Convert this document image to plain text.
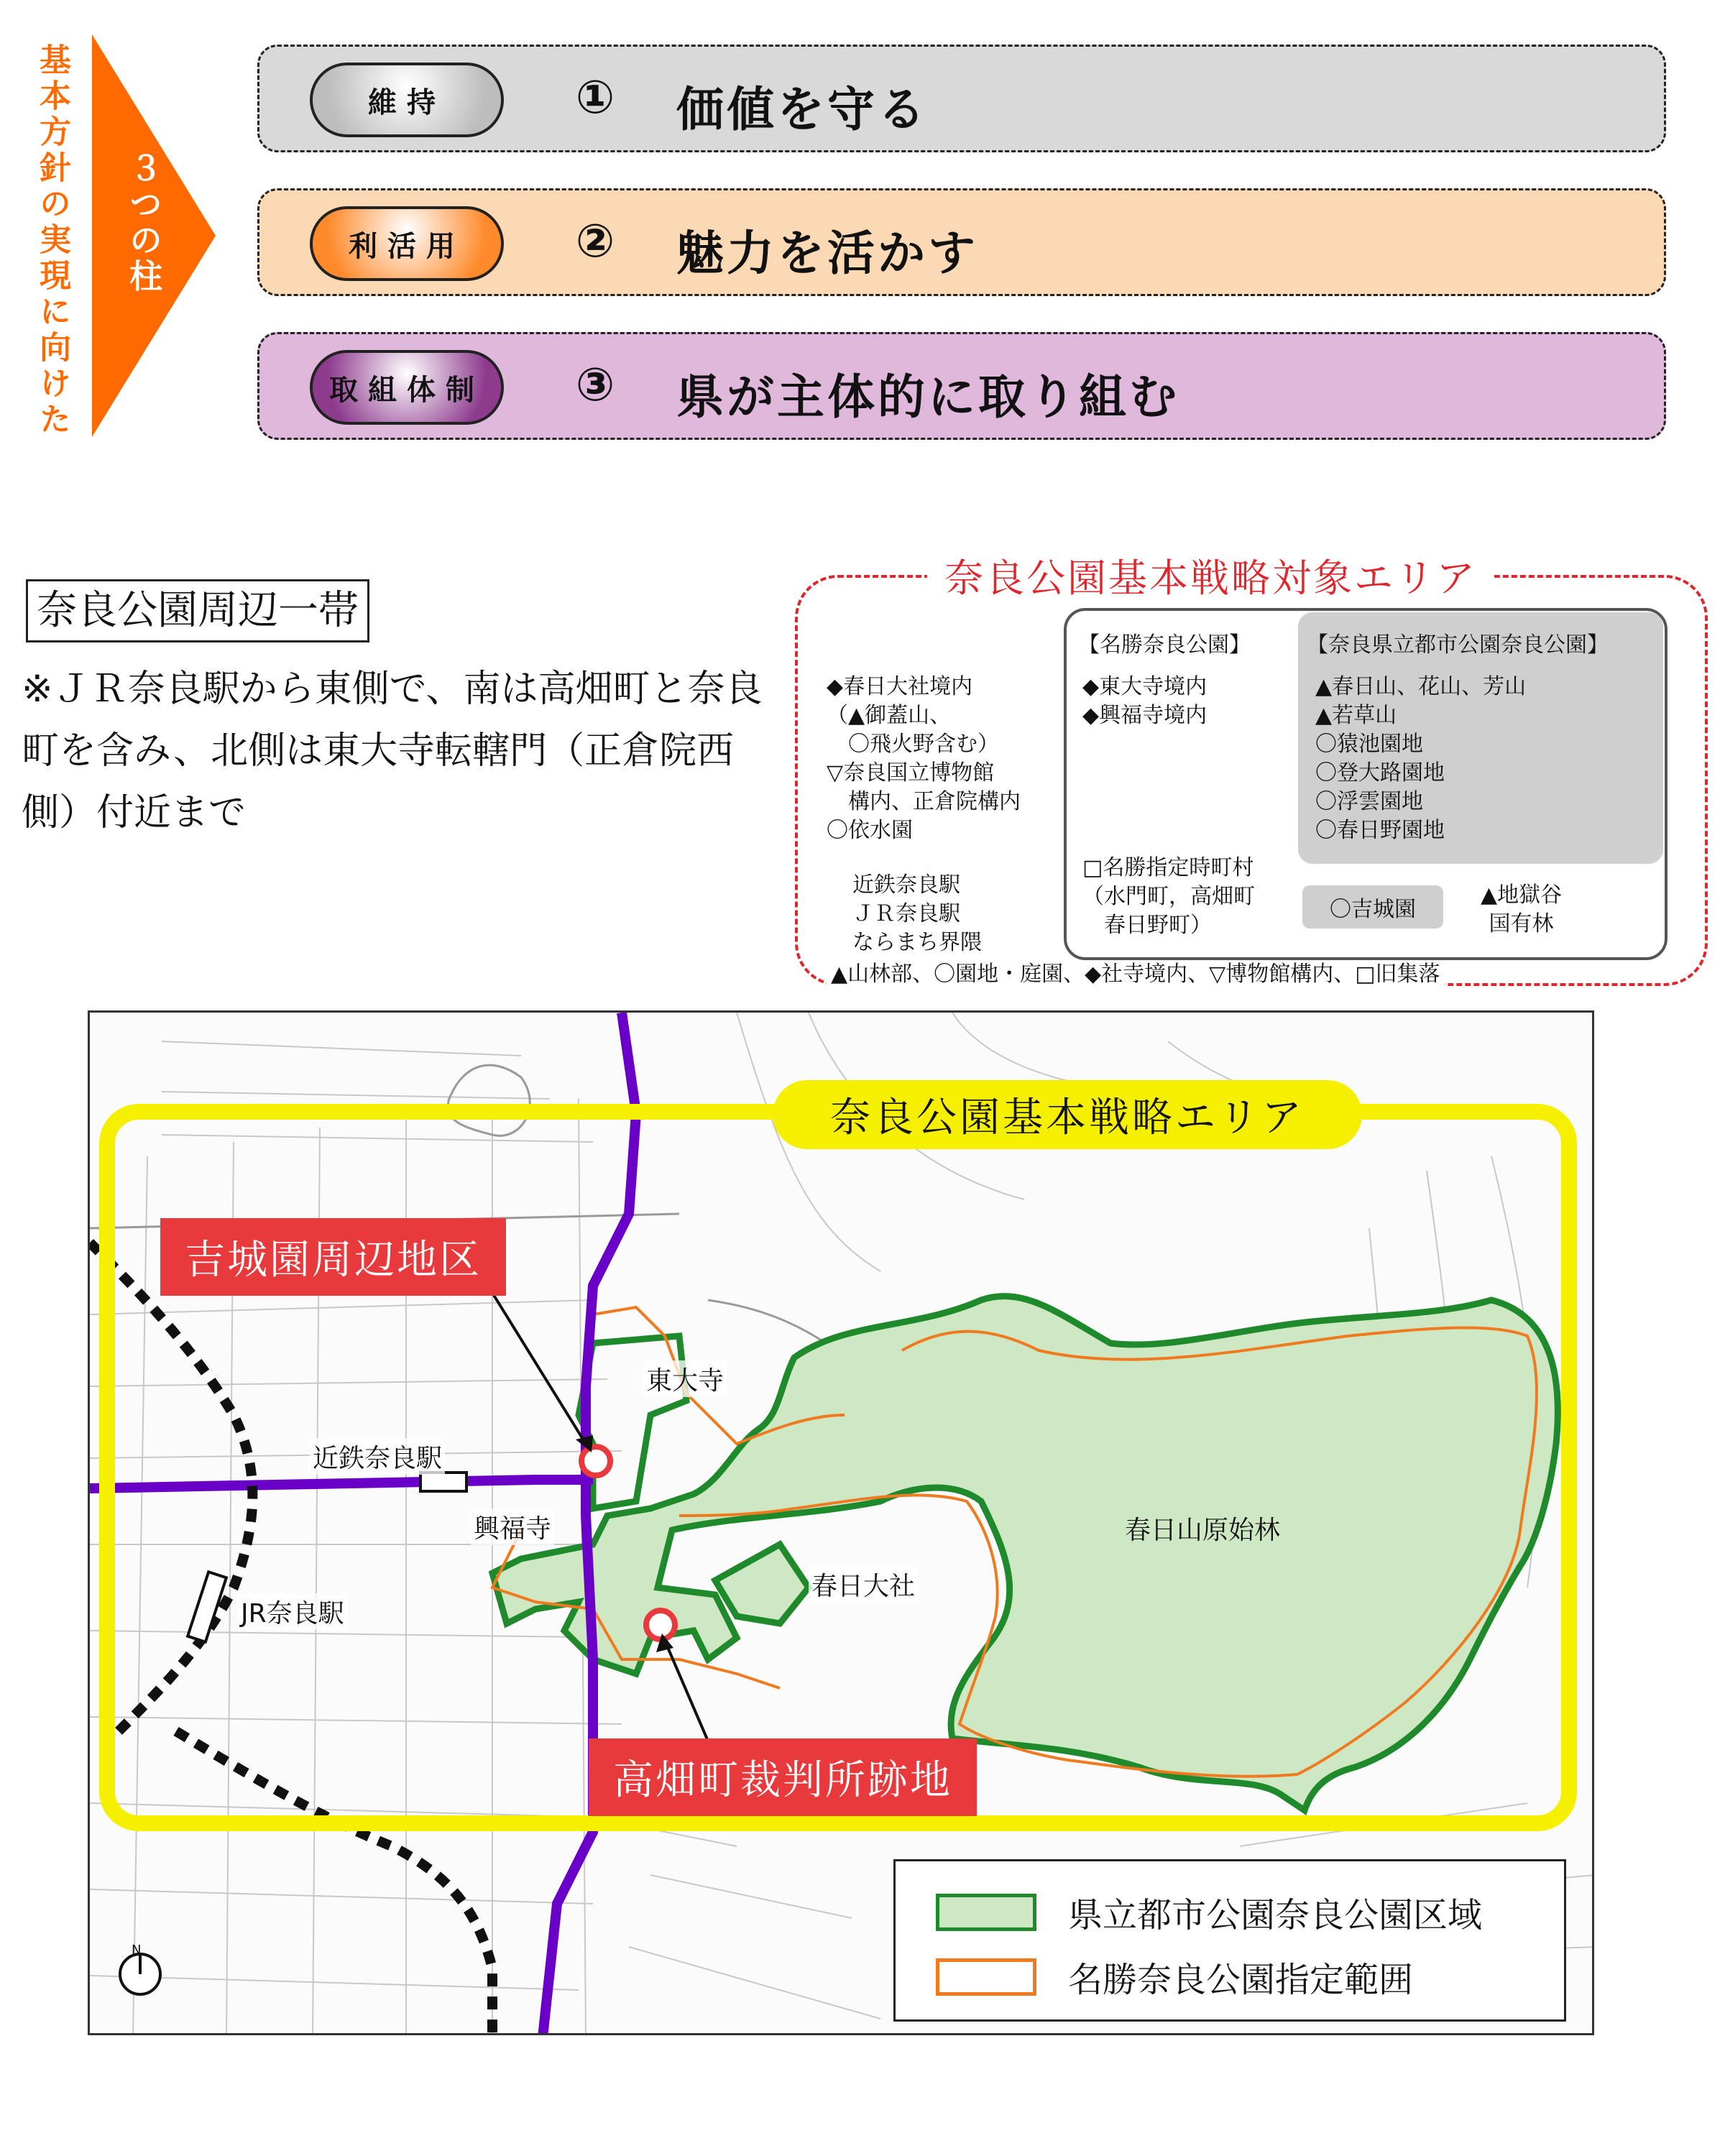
基本方針の実現に向けた ３つの柱
維持	① 価値を守る
利活用	② 魅力を活かす
取組体制	③ 県が主体的に取り組む
奈良公園周辺一帯
※ＪＲ奈良駅から東側で、南は高畑町と奈良町を含み、北側は東大寺転轄門（正倉院西側）付近まで
奈良公園基本戦略対象エリア
◆春日大社境内
（▲御蓋山、
　〇飛火野含む）
▽奈良国立博物館
　構内、正倉院構内
〇依水園
近鉄奈良駅
ＪＲ奈良駅
ならまち界隈
【名勝奈良公園】
◆東大寺境内
◆興福寺境内
□名勝指定時町村
（水門町，高畑町
　春日野町）
【奈良県立都市公園奈良公園】
▲春日山、花山、芳山
▲若草山
〇猿池園地
〇登大路園地
〇浮雲園地
〇春日野園地
〇吉城園
▲地獄谷
国有林
▲山林部、〇園地・庭園、◆社寺境内、▽博物館構内、□旧集落
奈良公園基本戦略エリア
吉城園周辺地区
高畑町裁判所跡地
東大寺
近鉄奈良駅
興福寺
春日大社
JR奈良駅
春日山原始林
N
県立都市公園奈良公園区域
名勝奈良公園指定範囲
